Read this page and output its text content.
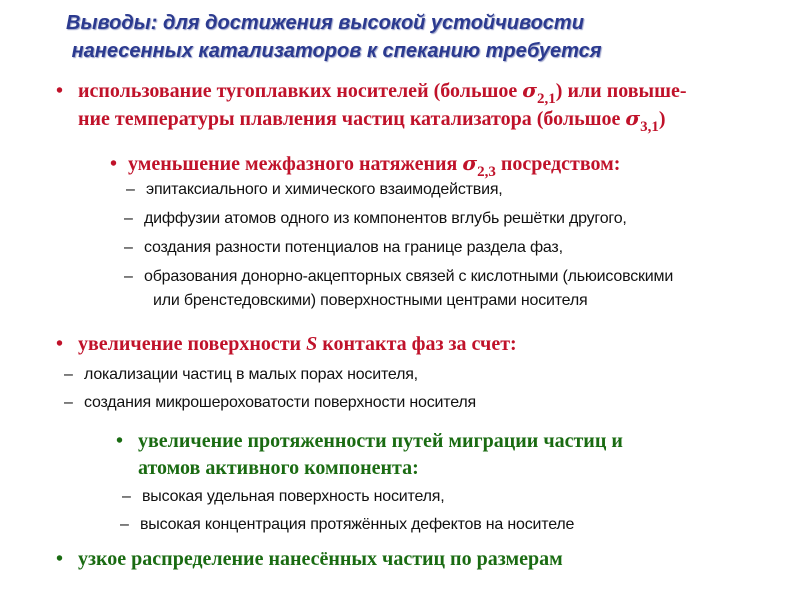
Выводы: для достижения высокой устойчивости
нанесенных катализаторов к спеканию требуется
• использование тугоплавких носителей (большое $\sigma_{2,1}$) или повыше-
ние температуры плавления частиц катализатора (большое $\sigma_{3,1}$)
• уменьшение межфазного натяжения $\sigma_{2,3}$ посредством:
– эпитаксиального и химического взаимодействия,
– диффузии атомов одного из компонентов вглубь решётки другого,
– создания разности потенциалов на границе раздела фаз,
– образования донорно-акцепторных связей с кислотными (льюисовскими
или бренстедовскими) поверхностными центрами носителя
• увеличение поверхности S контакта фаз за счет:
– локализации частиц в малых порах носителя,
– создания микрошероховатости поверхности носителя
• увеличение протяженности путей миграции частиц и
атомов активного компонента:
– высокая удельная поверхность носителя,
– высокая концентрация протяжённых дефектов на носителе
• узкое распределение нанесённых частиц по размерам
